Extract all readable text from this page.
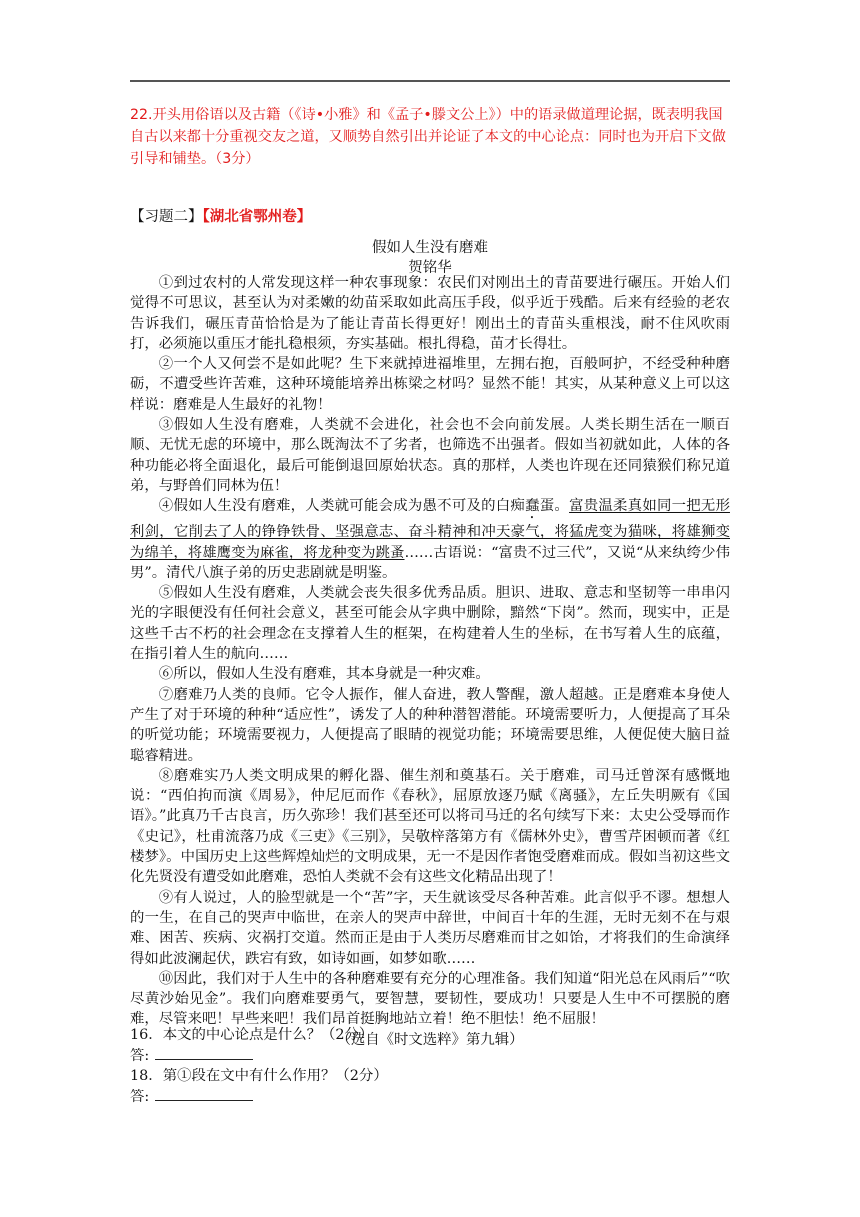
22.开头用俗语以及古籍（《诗•小雅》和《孟子•滕文公上》）中的语录做道理论据，既表明我国自古以来都十分重视交友之道，又顺势自然引出并论证了本文的中心论点：同时也为开启下文做引导和铺垫。（3分）
【习题二】【湖北省鄂州卷】
假如人生没有磨难
贺铭华

①到过农村的人常发现这样一种农事现象：农民们对刚出土的青苗要进行碾压。开始人们觉得不可思议，甚至认为对柔嫩的幼苗采取如此高压手段，似乎近于残酷。后来有经验的老农告诉我们，碾压青苗恰恰是为了能让青苗长得更好！刚出土的青苗头重根浅，耐不住风吹雨打，必须施以重压才能扎稳根须，夯实基础。根扎得稳，苗才长得壮。

②一个人又何尝不是如此呢？生下来就掉进福堆里，左拥右抱，百般呵护，不经受种种磨砺，不遭受些许苦难，这种环境能培养出栋梁之材吗？显然不能！其实，从某种意义上可以这样说：磨难是人生最好的礼物！

③假如人生没有磨难，人类就不会进化，社会也不会向前发展。人类长期生活在一顺百顺、无忧无虑的环境中，那么既淘汰不了劣者，也筛选不出强者。假如当初就如此，人体的各种功能必将全面退化，最后可能倒退回原始状态。真的那样，人类也许现在还同猿猴们称兄道弟，与野兽们同林为伍！

④假如人生没有磨难，人类就可能会成为愚不可及的白痴蠢蛋。富贵温柔真如同一把无形利剑，它削去了人的铮铮铁骨、坚强意志、奋斗精神和冲天豪气，将猛虎变为猫咪，将雄狮变为绵羊，将雄鹰变为麻雀，将龙种变为跳蚤……古语说：“富贵不过三代”，又说“从来纨绔少伟男”。清代八旗子弟的历史悲剧就是明鉴。

⑤假如人生没有磨难，人类就会丧失很多优秀品质。胆识、进取、意志和坚韧等一串串闪光的字眼便没有任何社会意义，甚至可能会从字典中删除，黯然“下岗”。然而，现实中，正是这些千古不朽的社会理念在支撑着人生的框架，在构建着人生的坐标，在书写着人生的底蕴，在指引着人生的航向……

⑥所以，假如人生没有磨难，其本身就是一种灾难。

⑦磨难乃人类的良师。它令人振作，催人奋进，教人警醒，激人超越。正是磨难本身使人产生了对于环境的种种“适应性”，诱发了人的种种潜智潜能。环境需要听力，人便提高了耳朵的听觉功能；环境需要视力，人便提高了眼睛的视觉功能；环境需要思维，人便促使大脑日益聪睿精进。

⑧磨难实乃人类文明成果的孵化器、催生剂和奠基石。关于磨难，司马迁曾深有感慨地说：“西伯拘而演《周易》，仲尼厄而作《春秋》，屈原放逐乃赋《离骚》，左丘失明厥有《国语》。”此真乃千古良言，历久弥珍！我们甚至还可以将司马迁的名句续写下来：太史公受辱而作《史记》，杜甫流落乃成《三吏》《三别》，吴敬梓落第方有《儒林外史》，曹雪芹困顿而著《红楼梦》。中国历史上这些辉煌灿烂的文明成果，无一不是因作者饱受磨难而成。假如当初这些文化先贤没有遭受如此磨难，恐怕人类就不会有这些文化精品出现了！

⑨有人说过，人的脸型就是一个“苦”字，天生就该受尽各种苦难。此言似乎不谬。想想人的一生，在自己的哭声中临世，在亲人的哭声中辞世，中间百十年的生涯，无时无刻不在与艰难、困苦、疾病、灾祸打交道。然而正是由于人类历尽磨难而甘之如饴，才将我们的生命演绎得如此波澜起伏，跌宕有致，如诗如画，如梦如歌……

⑩因此，我们对于人生中的各种磨难要有充分的心理准备。我们知道“阳光总在风雨后”“吹尽黄沙始见金”。我们向磨难要勇气，要智慧，要韧性，要成功！只要是人生中不可摆脱的磨难，尽管来吧！早些来吧！我们昂首挺胸地站立着！绝不胆怯！绝不屈服！

（选自《时文选粹》第九辑）

16．本文的中心论点是什么？（2分）
答:
18．第①段在文中有什么作用？（2分）
答:
